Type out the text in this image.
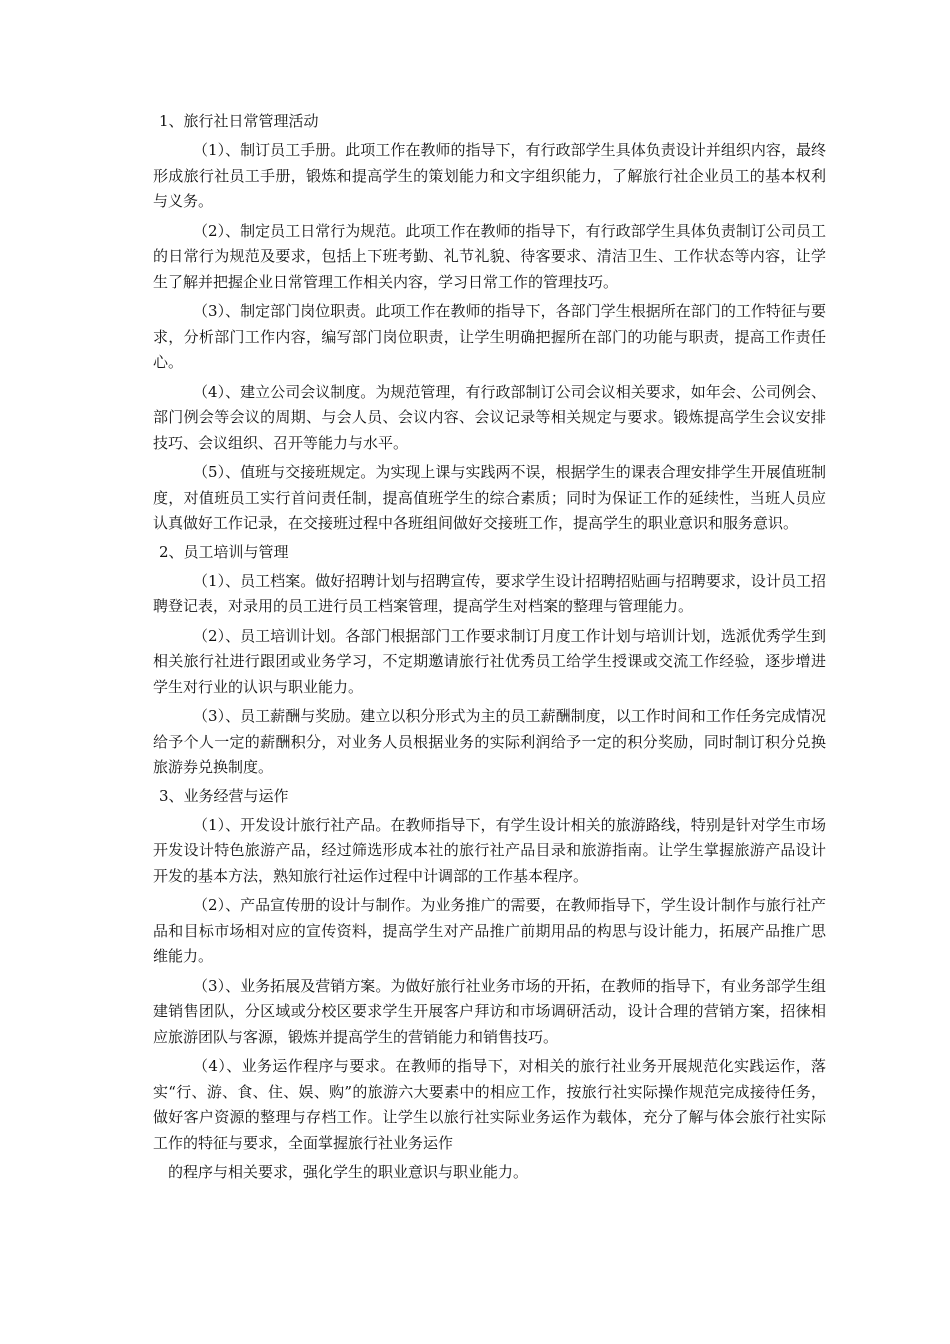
1、旅行社日常管理活动

（1）、制订员工手册。此项工作在教师的指导下，有行政部学生具体负责设计并组织内容，最终形成旅行社员工手册，锻炼和提高学生的策划能力和文字组织能力，了解旅行社企业员工的基本权利与义务。

（2）、制定员工日常行为规范。此项工作在教师的指导下，有行政部学生具体负责制订公司员工的日常行为规范及要求，包括上下班考勤、礼节礼貌、待客要求、清洁卫生、工作状态等内容，让学生了解并把握企业日常管理工作相关内容，学习日常工作的管理技巧。

（3）、制定部门岗位职责。此项工作在教师的指导下，各部门学生根据所在部门的工作特征与要求，分析部门工作内容，编写部门岗位职责，让学生明确把握所在部门的功能与职责，提高工作责任心。

（4）、建立公司会议制度。为规范管理，有行政部制订公司会议相关要求，如年会、公司例会、部门例会等会议的周期、与会人员、会议内容、会议记录等相关规定与要求。锻炼提高学生会议安排技巧、会议组织、召开等能力与水平。

（5）、值班与交接班规定。为实现上课与实践两不误，根据学生的课表合理安排学生开展值班制度，对值班员工实行首问责任制，提高值班学生的综合素质；同时为保证工作的延续性，当班人员应认真做好工作记录，在交接班过程中各班组间做好交接班工作，提高学生的职业意识和服务意识。

2、员工培训与管理

（1）、员工档案。做好招聘计划与招聘宣传，要求学生设计招聘招贴画与招聘要求，设计员工招聘登记表，对录用的员工进行员工档案管理，提高学生对档案的整理与管理能力。

（2）、员工培训计划。各部门根据部门工作要求制订月度工作计划与培训计划，选派优秀学生到相关旅行社进行跟团或业务学习，不定期邀请旅行社优秀员工给学生授课或交流工作经验，逐步增进学生对行业的认识与职业能力。

（3）、员工薪酬与奖励。建立以积分形式为主的员工薪酬制度，以工作时间和工作任务完成情况给予个人一定的薪酬积分，对业务人员根据业务的实际利润给予一定的积分奖励，同时制订积分兑换旅游券兑换制度。

3、业务经营与运作

（1）、开发设计旅行社产品。在教师指导下，有学生设计相关的旅游路线，特别是针对学生市场开发设计特色旅游产品，经过筛选形成本社的旅行社产品目录和旅游指南。让学生掌握旅游产品设计开发的基本方法，熟知旅行社运作过程中计调部的工作基本程序。

（2）、产品宣传册的设计与制作。为业务推广的需要，在教师指导下，学生设计制作与旅行社产品和目标市场相对应的宣传资料，提高学生对产品推广前期用品的构思与设计能力，拓展产品推广思维能力。

（3）、业务拓展及营销方案。为做好旅行社业务市场的开拓，在教师的指导下，有业务部学生组建销售团队，分区域或分校区要求学生开展客户拜访和市场调研活动，设计合理的营销方案，招徕相应旅游团队与客源，锻炼并提高学生的营销能力和销售技巧。

（4）、业务运作程序与要求。在教师的指导下，对相关的旅行社业务开展规范化实践运作，落实“行、游、食、住、娱、购”的旅游六大要素中的相应工作，按旅行社实际操作规范完成接待任务，做好客户资源的整理与存档工作。让学生以旅行社实际业务运作为载体，充分了解与体会旅行社实际工作的特征与要求，全面掌握旅行社业务运作

的程序与相关要求，强化学生的职业意识与职业能力。
